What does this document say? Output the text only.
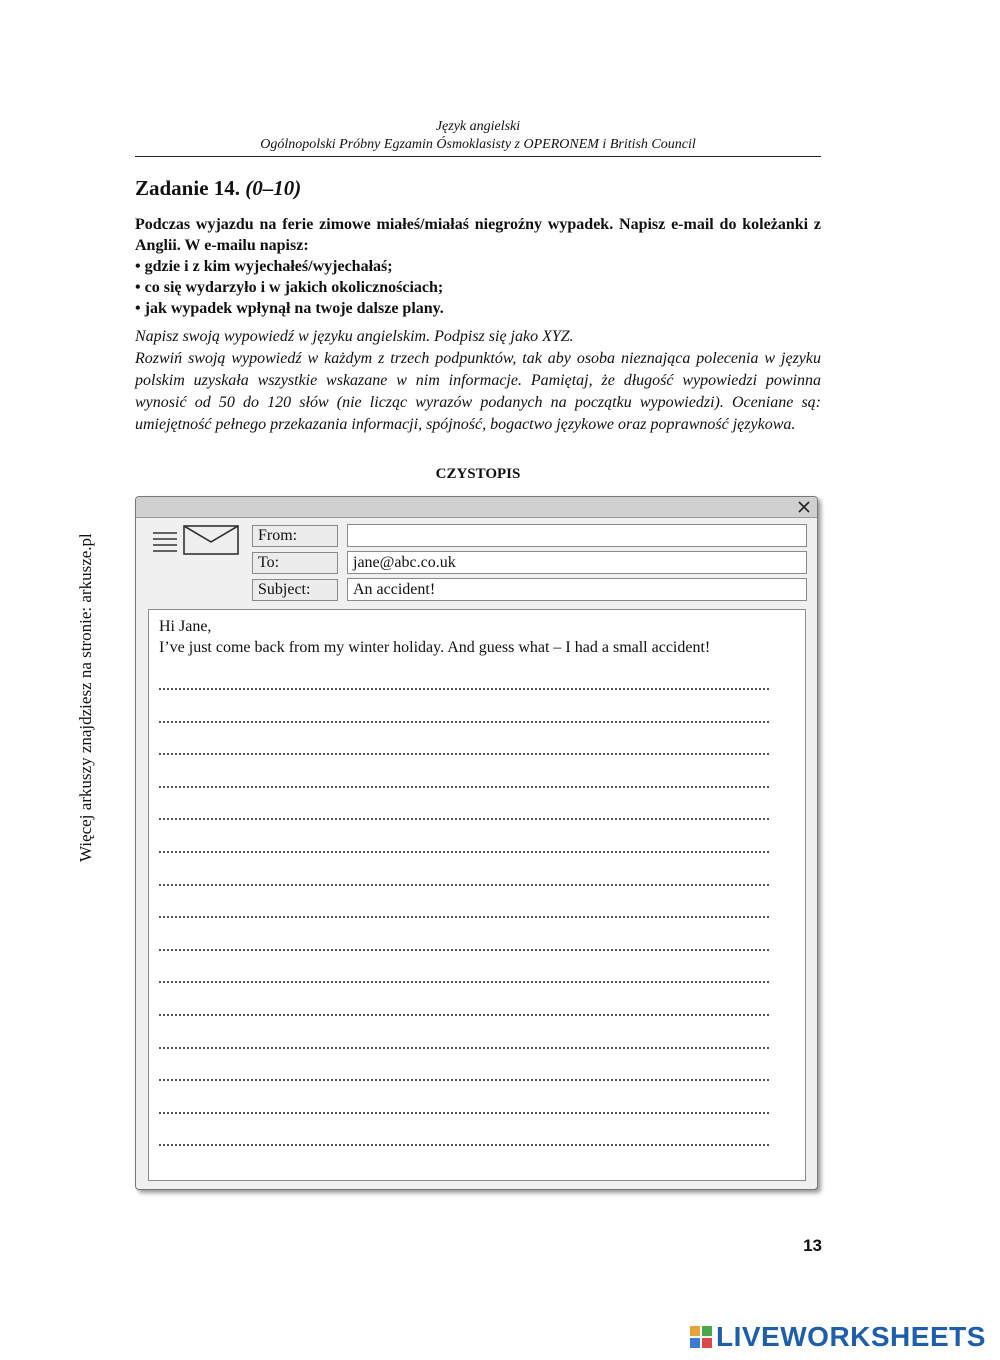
Język angielski
Ogólnopolski Próbny Egzamin Ósmoklasisty z OPERONEM i British Council
Zadanie 14. (0–10)
Podczas wyjazdu na ferie zimowe miałeś/miałaś niegroźny wypadek. Napisz e-mail do koleżanki z Anglii. W e-mailu napisz:
• gdzie i z kim wyjechałeś/wyjechałaś;
• co się wydarzyło i w jakich okolicznościach;
• jak wypadek wpłynął na twoje dalsze plany.

Napisz swoją wypowiedź w języku angielskim. Podpisz się jako XYZ.

Rozwiń swoją wypowiedź w każdym z trzech podpunktów, tak aby osoba nieznająca polecenia w języku polskim uzyskała wszystkie wskazane w nim informacje. Pamiętaj, że długość wypowiedzi powinna wynosić od 50 do 120 słów (nie licząc wyrazów podanych na początku wypowiedzi). Oceniane są: umiejętność pełnego przekazania informacji, spójność, bogactwo językowe oraz poprawność językowa.

CZYSTOPIS
From:
To:	jane@abc.co.uk
Subject:	An accident!
Hi Jane,
I’ve just come back from my winter holiday. And guess what – I had a small accident!
13
Więcej arkuszy znajdziesz na stronie: arkusze.pl
LIVEWORKSHEETS
